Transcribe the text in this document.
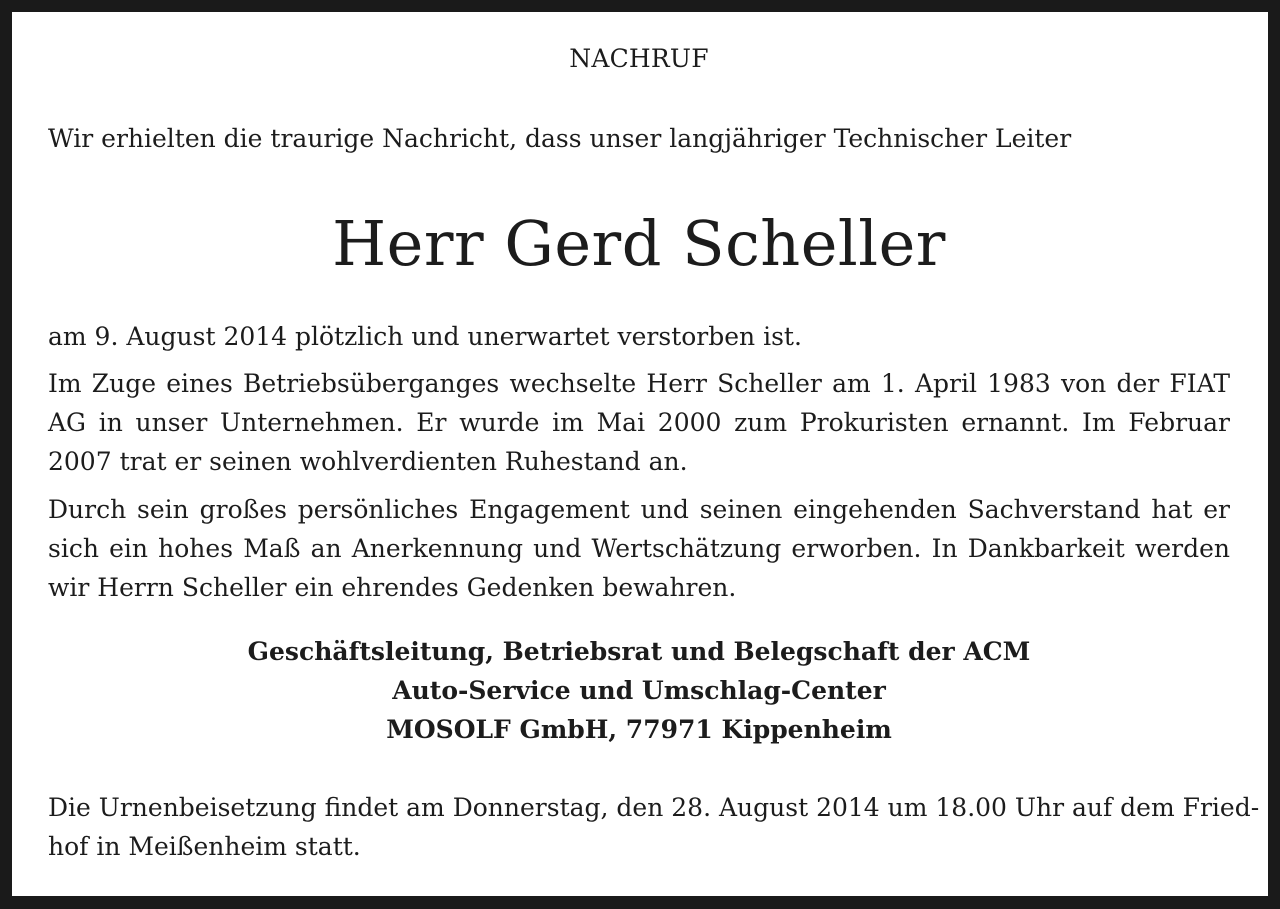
NACHRUF
Wir erhielten die traurige Nachricht, dass unser langjähriger Technischer Leiter
Herr Gerd Scheller
am 9. August 2014 plötzlich und unerwartet verstorben ist.
Im Zuge eines Betriebsüberganges wechselte Herr Scheller am 1. April 1983 von der FIAT AG in unser Unternehmen. Er wurde im Mai 2000 zum Prokuristen ernannt. Im Februar 2007 trat er seinen wohlverdienten Ruhestand an.
Durch sein großes persönliches Engagement und seinen eingehenden Sachverstand hat er sich ein hohes Maß an Anerkennung und Wertschätzung erworben. In Dankbarkeit werden wir Herrn Scheller ein ehrendes Gedenken bewahren.
Geschäftsleitung, Betriebsrat und Belegschaft der ACM
Auto-Service und Umschlag-Center
MOSOLF GmbH, 77971 Kippenheim
Die Urnenbeisetzung findet am Donnerstag, den 28. August 2014 um 18.00 Uhr auf dem Fried-
hof in Meißenheim statt.
